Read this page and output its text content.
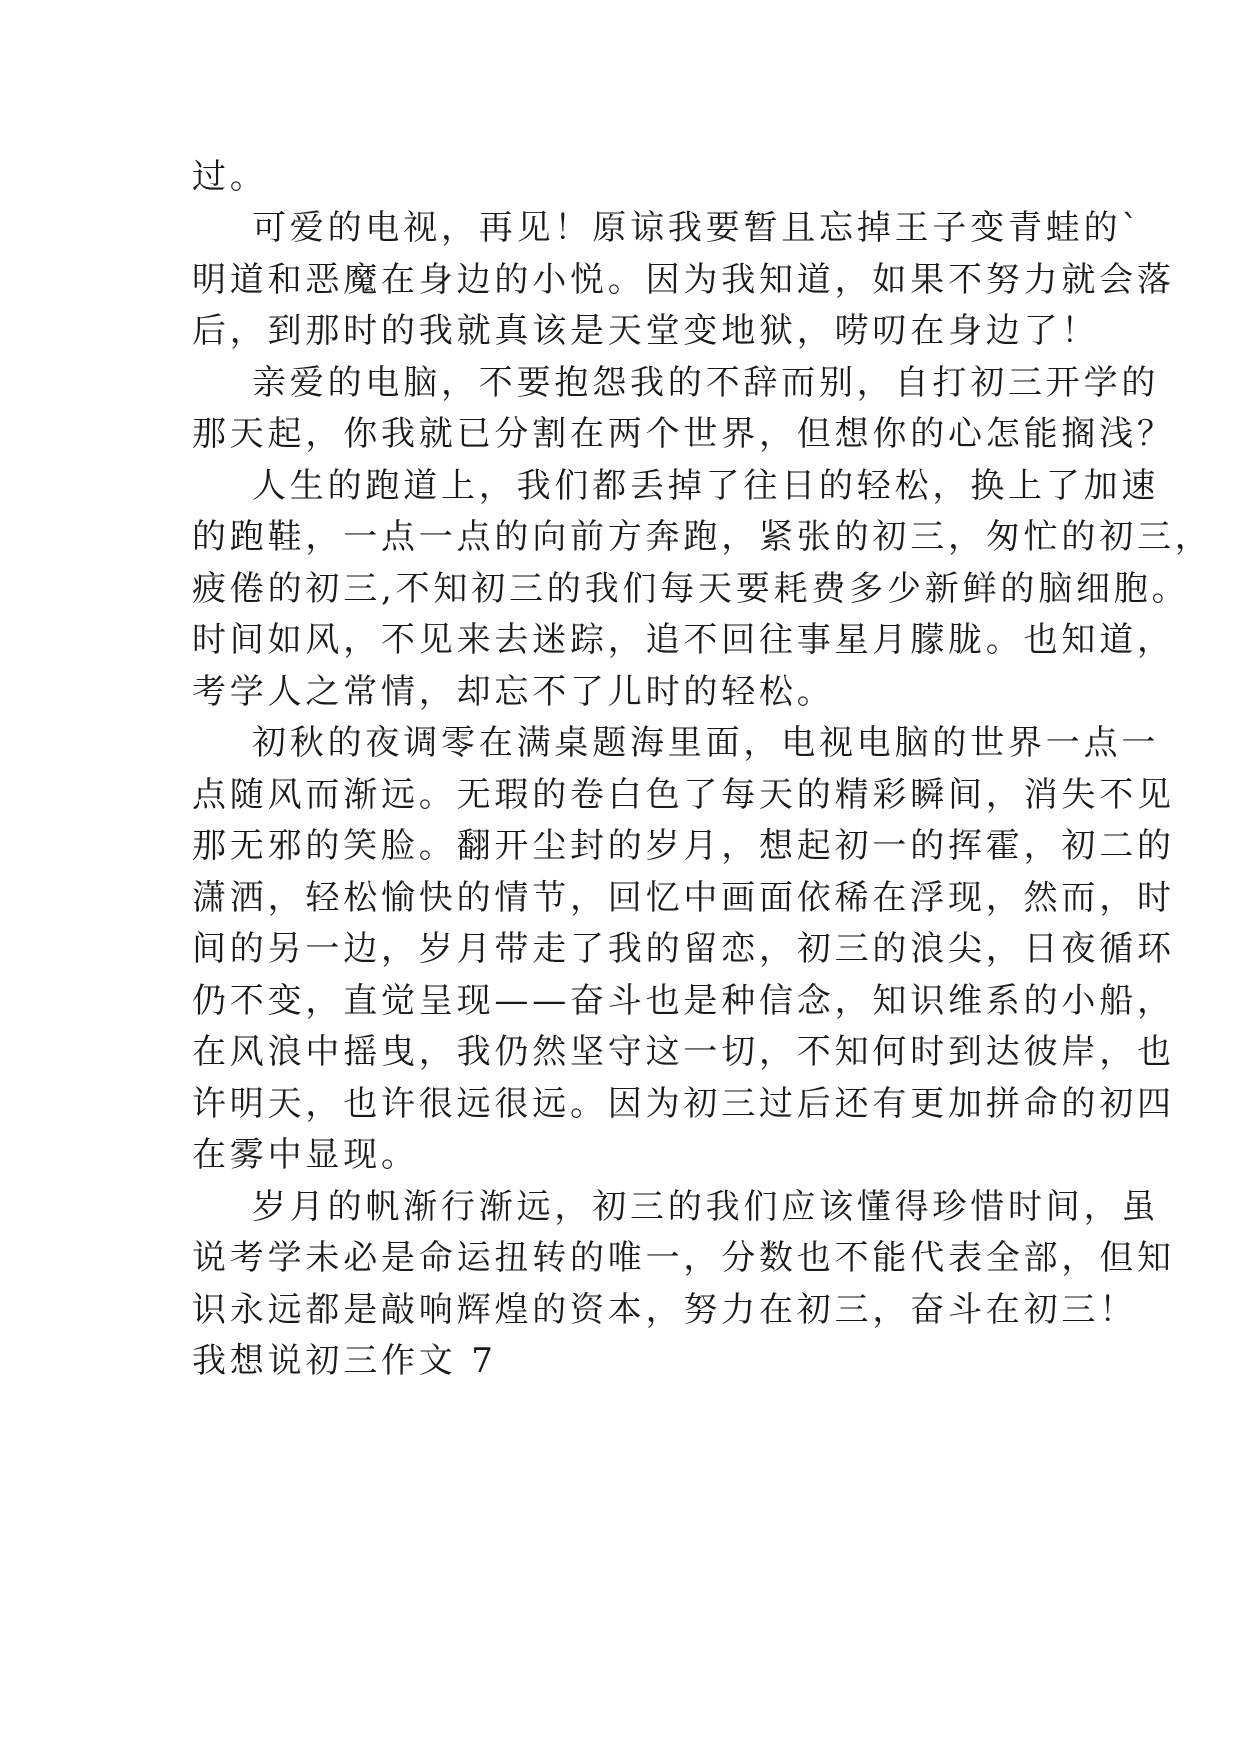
过。
可爱的电视，再见！原谅我要暂且忘掉王子变青蛙的`
明道和恶魔在身边的小悦。因为我知道，如果不努力就会落
后，到那时的我就真该是天堂变地狱，唠叨在身边了！
亲爱的电脑，不要抱怨我的不辞而别，自打初三开学的
那天起，你我就已分割在两个世界，但想你的心怎能搁浅？
人生的跑道上，我们都丢掉了往日的轻松，换上了加速
的跑鞋，一点一点的向前方奔跑，紧张的初三，匆忙的初三，
疲倦的初三,不知初三的我们每天要耗费多少新鲜的脑细胞。
时间如风，不见来去迷踪，追不回往事星月朦胧。也知道，
考学人之常情，却忘不了儿时的轻松。
初秋的夜调零在满桌题海里面，电视电脑的世界一点一
点随风而渐远。无瑕的卷白色了每天的精彩瞬间，消失不见
那无邪的笑脸。翻开尘封的岁月，想起初一的挥霍，初二的
潇洒，轻松愉快的情节，回忆中画面依稀在浮现，然而，时
间的另一边，岁月带走了我的留恋，初三的浪尖，日夜循环
仍不变，直觉呈现——奋斗也是种信念，知识维系的小船，
在风浪中摇曳，我仍然坚守这一切，不知何时到达彼岸，也
许明天，也许很远很远。因为初三过后还有更加拼命的初四
在雾中显现。
岁月的帆渐行渐远，初三的我们应该懂得珍惜时间，虽
说考学未必是命运扭转的唯一，分数也不能代表全部，但知
识永远都是敲响辉煌的资本，努力在初三，奋斗在初三！
我想说初三作文 7
